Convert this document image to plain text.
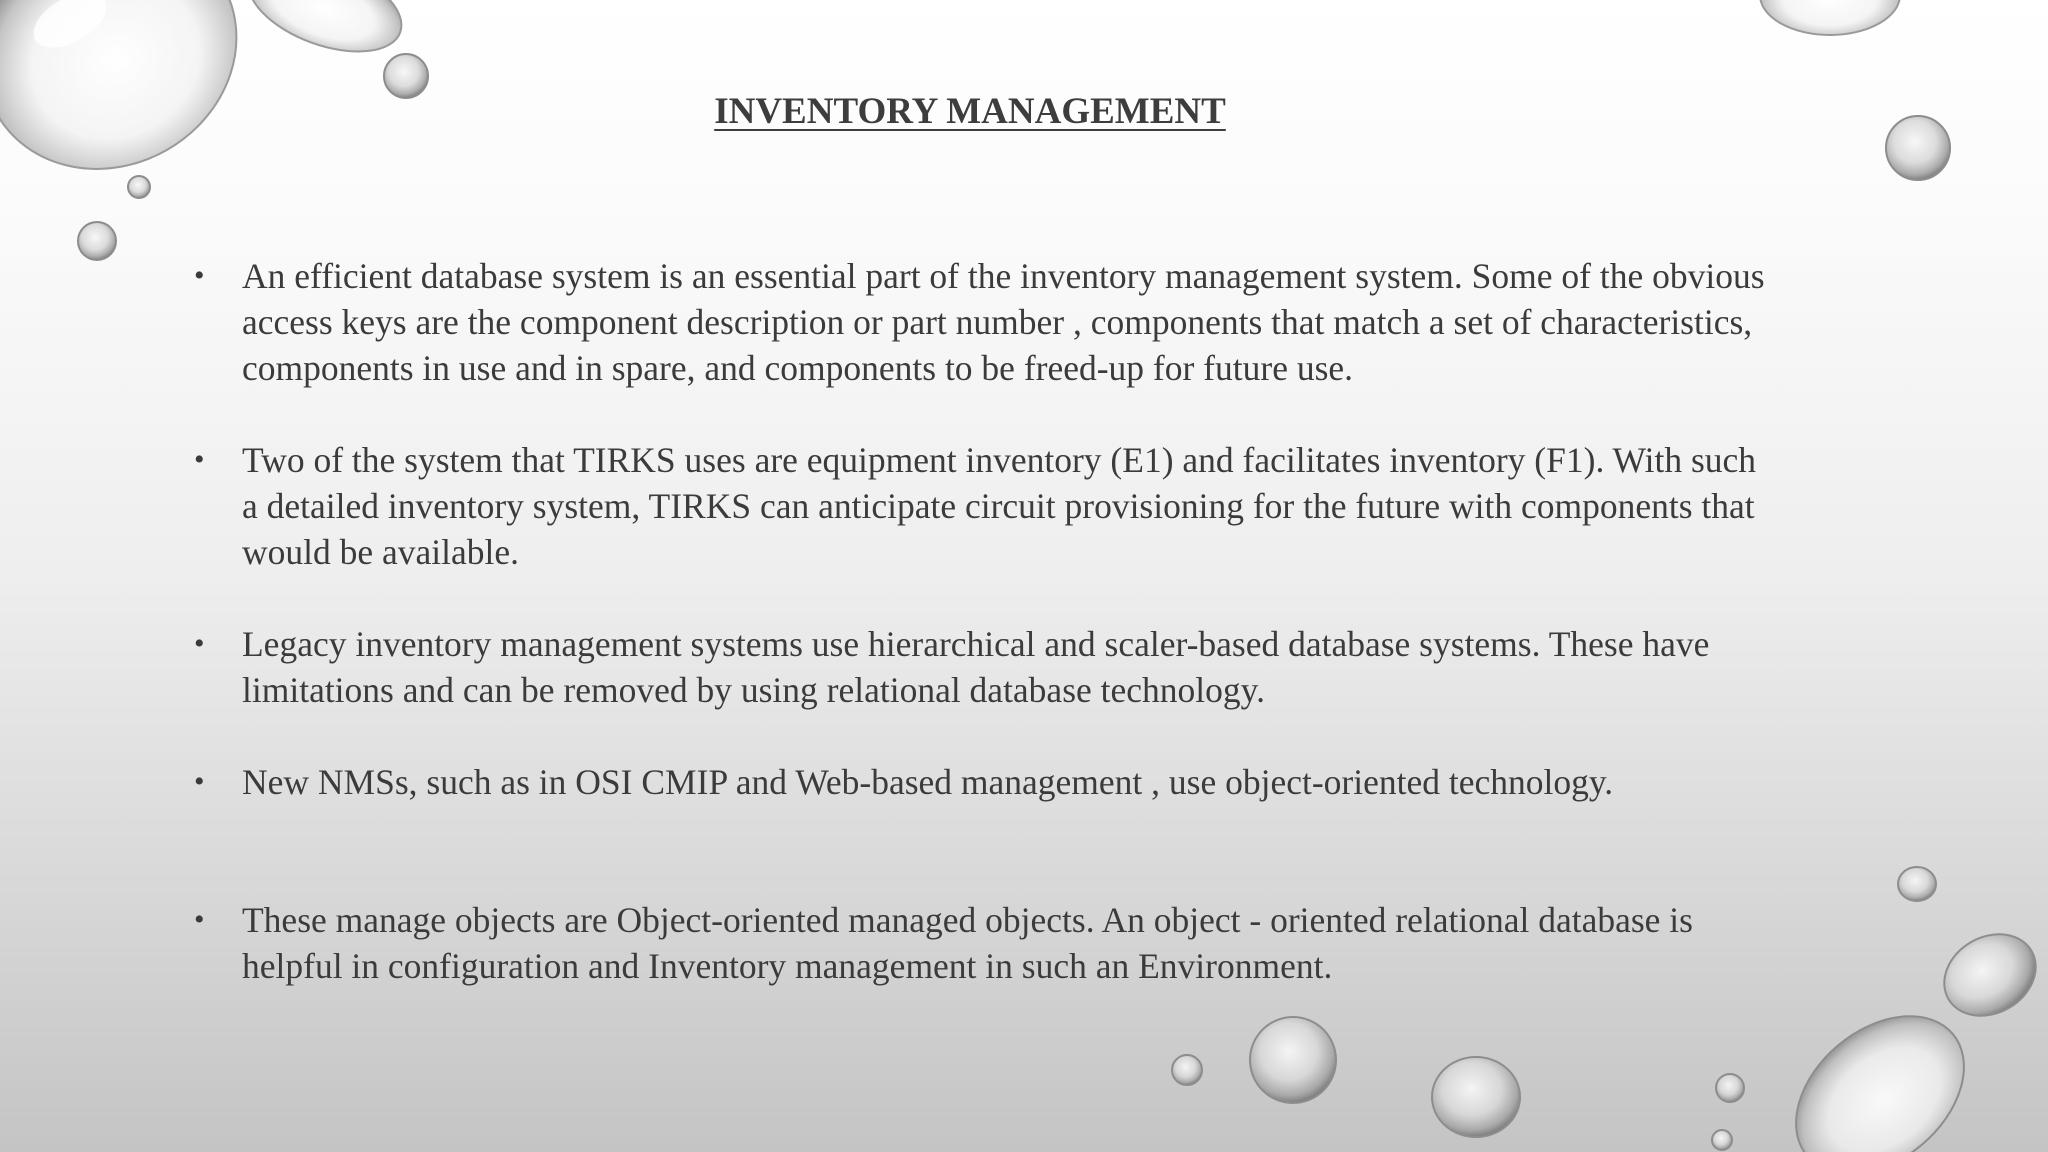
INVENTORY MANAGEMENT
• An efficient database system is an essential part of the inventory management system. Some of the obvious
access keys are the component description or part number , components that match a set of characteristics,
components in use and in spare, and components to be freed-up for future use.
• Two of the system that TIRKS uses are equipment inventory (E1) and facilitates inventory (F1). With such
a detailed inventory system, TIRKS can anticipate circuit provisioning for the future with components that
would be available.
• Legacy inventory management systems use hierarchical and scaler-based database systems. These have
limitations and can be removed by using relational database technology.
• New NMSs, such as in OSI CMIP and Web-based management , use object-oriented technology.
• These manage objects are Object-oriented managed objects. An object - oriented relational database is
helpful in configuration and Inventory management in such an Environment.
